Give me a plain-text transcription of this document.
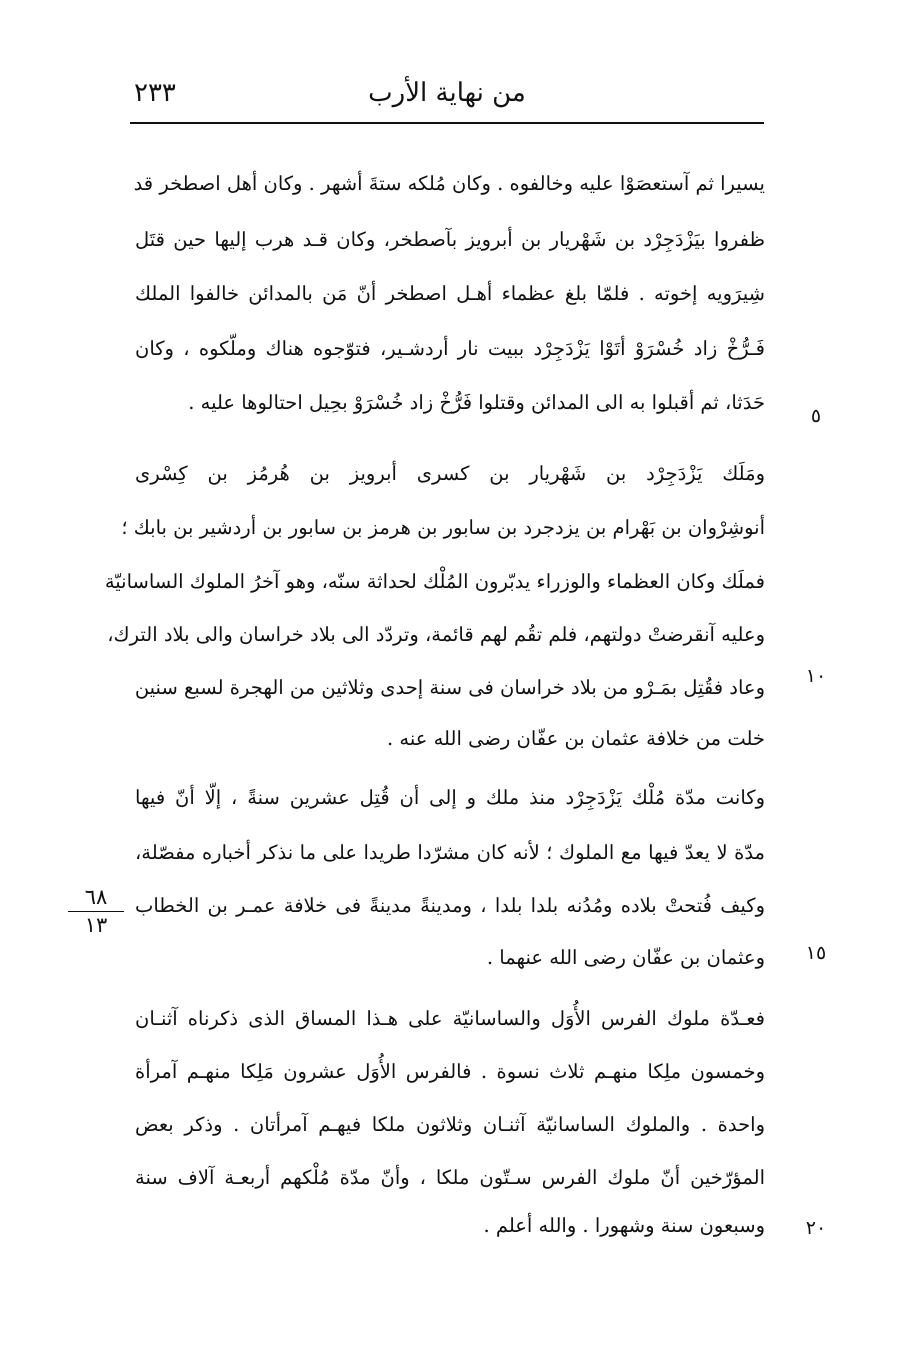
من نهاية الأرب
٢٣٣
يسيرا ثم آستعصَوْا عليه وخالفوه . وكان مُلكه ستةَ أشهر . وكان أهل اصطخر قد
ظفروا بيَزْدَجِرْد بن شَهْريار بن أبرويز بآصطخر، وكان قـد هرب إليها حين قتَل
شِيرَويه إخوته . فلمّا بلغ عظماء أهـل اصطخر أنّ مَن بالمدائن خالفوا الملك
فَـرُّخْ زاد خُسْرَوْ أتَوْا يَزْدَجِرْد ببيت نار أردشـير، فتوّجوه هناك وملّكوه ، وكان
حَدَثا، ثم أقبلوا به الى المدائن وقتلوا فَرُّخْ زاد خُسْرَوْ بحِيل احتالوها عليه .
ومَلَك يَزْدَجِرْد بن شَهْريار بن كسرى أبرويز بن هُرمُز بن كِسْرى
أنوشِرْوان بن بَهْرام بن يزدجرد بن سابور بن هرمز بن سابور بن أردشير بن بابك ؛
فملَك وكان العظماء والوزراء يدبّرون المُلْك لحداثة سنّه، وهو آخرُ الملوك الساسانيّة
وعليه آنقرضتْ دولتهم، فلم تقُم لهم قائمة، وتردّد الى بلاد خراسان والى بلاد الترك،
وعاد فقُتِل بمَـرْو من بلاد خراسان فى سنة إحدى وثلاثين من الهجرة لسبع سنين
خلت من خلافة عثمان بن عفّان رضى الله عنه .
وكانت مدّة مُلْك يَزْدَجِرْد منذ ملك و إلى أن قُتِل عشرين سنةً ، إلّا أنّ فيها
مدّة لا يعدّ فيها مع الملوك ؛ لأنه كان مشرّدا طريدا على ما نذكر أخباره مفصّلة،
وكيف فُتحتْ بلاده ومُدُنه بلدا بلدا ، ومدينةً مدينةً فى خلافة عمـر بن الخطاب
وعثمان بن عفّان رضى الله عنهما .
فعـدّة ملوك الفرس الأُوَل والساسانيّة على هـذا المساق الذى ذكرناه آثنـان
وخمسون ملِكا منهـم ثلاث نسوة . فالفرس الأُوَل عشرون مَلِكا منهـم آمرأة
واحدة . والملوك الساسانيّة آثنـان وثلاثون ملكا فيهـم آمرأتان . وذكر بعض
المؤرّخين أنّ ملوك الفرس سـتّون ملكا ، وأنّ مدّة مُلْكهم أربعـة آلاف سنة
وسبعون سنة وشهورا . والله أعلم .
٥
١٠
١٥
٢٠
٦٨
١٣
